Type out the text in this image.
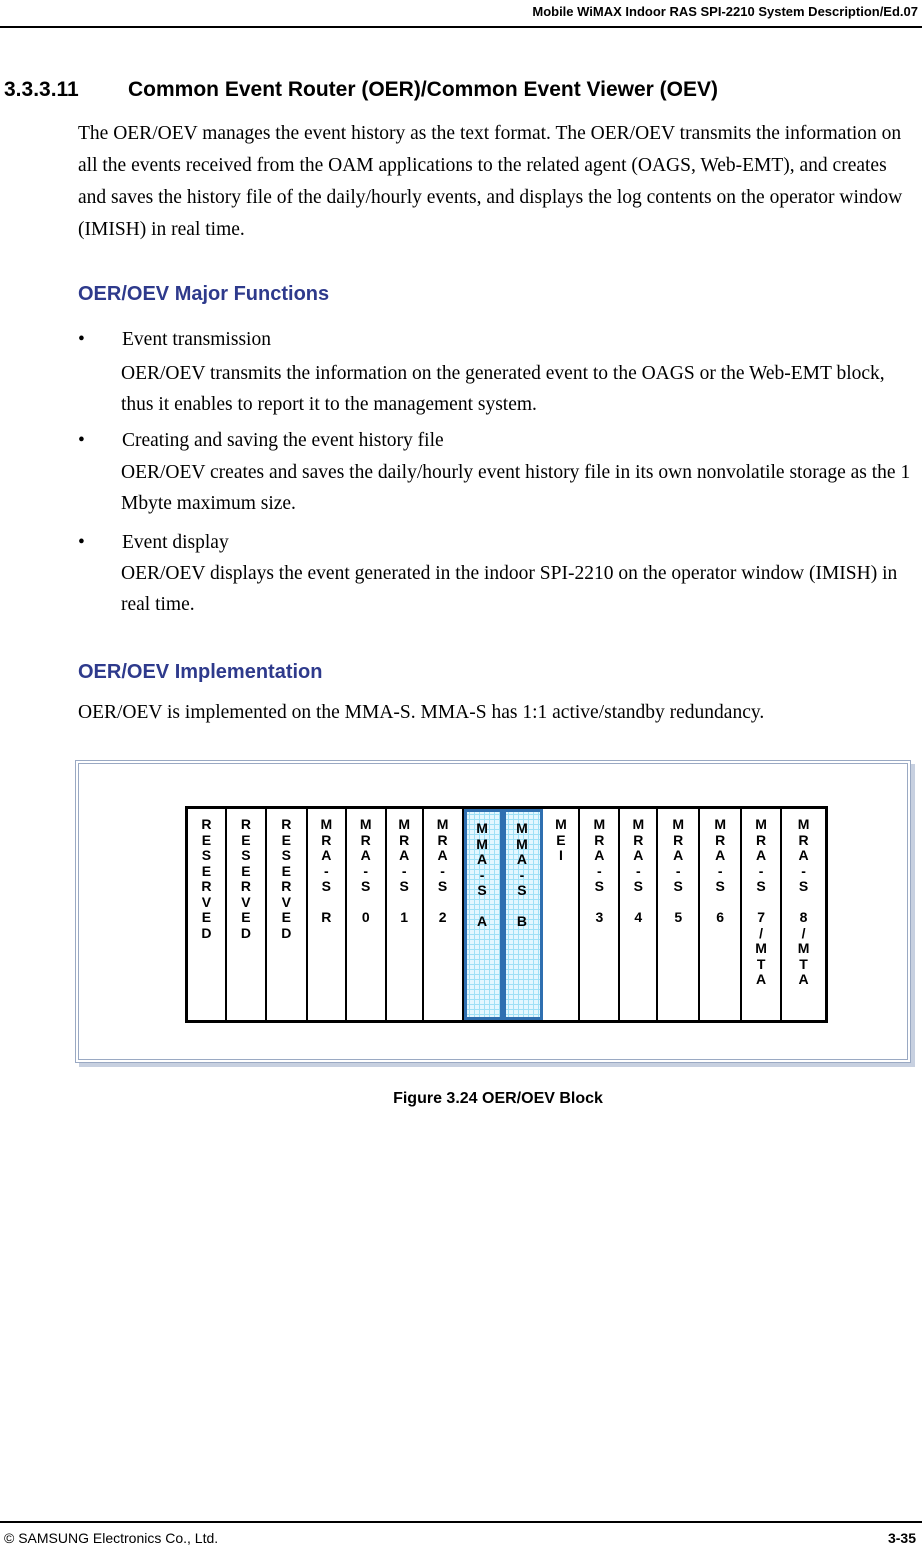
Mobile WiMAX Indoor RAS SPI-2210 System Description/Ed.07
3.3.3.11 Common Event Router (OER)/Common Event Viewer (OEV)
The OER/OEV manages the event history as the text format. The OER/OEV transmits the information on all the events received from the OAM applications to the related agent (OAGS, Web-EMT), and creates and saves the history file of the daily/hourly events, and displays the log contents on the operator window (IMISH) in real time.
OER/OEV Major Functions
• Event transmission
OER/OEV transmits the information on the generated event to the OAGS or the Web-EMT block, thus it enables to report it to the management system.
• Creating and saving the event history file
OER/OEV creates and saves the daily/hourly event history file in its own nonvolatile storage as the 1 Mbyte maximum size.
• Event display
OER/OEV displays the event generated in the indoor SPI-2210 on the operator window (IMISH) in real time.
OER/OEV Implementation
OER/OEV is implemented on the MMA-S. MMA-S has 1:1 active/standby redundancy.
R
E
S
E
R
V
E
D
R
E
S
E
R
V
E
D
R
E
S
E
R
V
E
D
M
R
A
-
S
R
M
R
A
-
S
0
M
R
A
-
S
1
M
R
A
-
S
2
M
M
A
-
S
A
M
M
A
-
S
B
M
E
I
M
R
A
-
S
3
M
R
A
-
S
4
M
R
A
-
S
5
M
R
A
-
S
6
M
R
A
-
S
7
/
M
T
A
M
R
A
-
S
8
/
M
T
A
Figure 3.24 OER/OEV Block
© SAMSUNG Electronics Co., Ltd.	3-35
